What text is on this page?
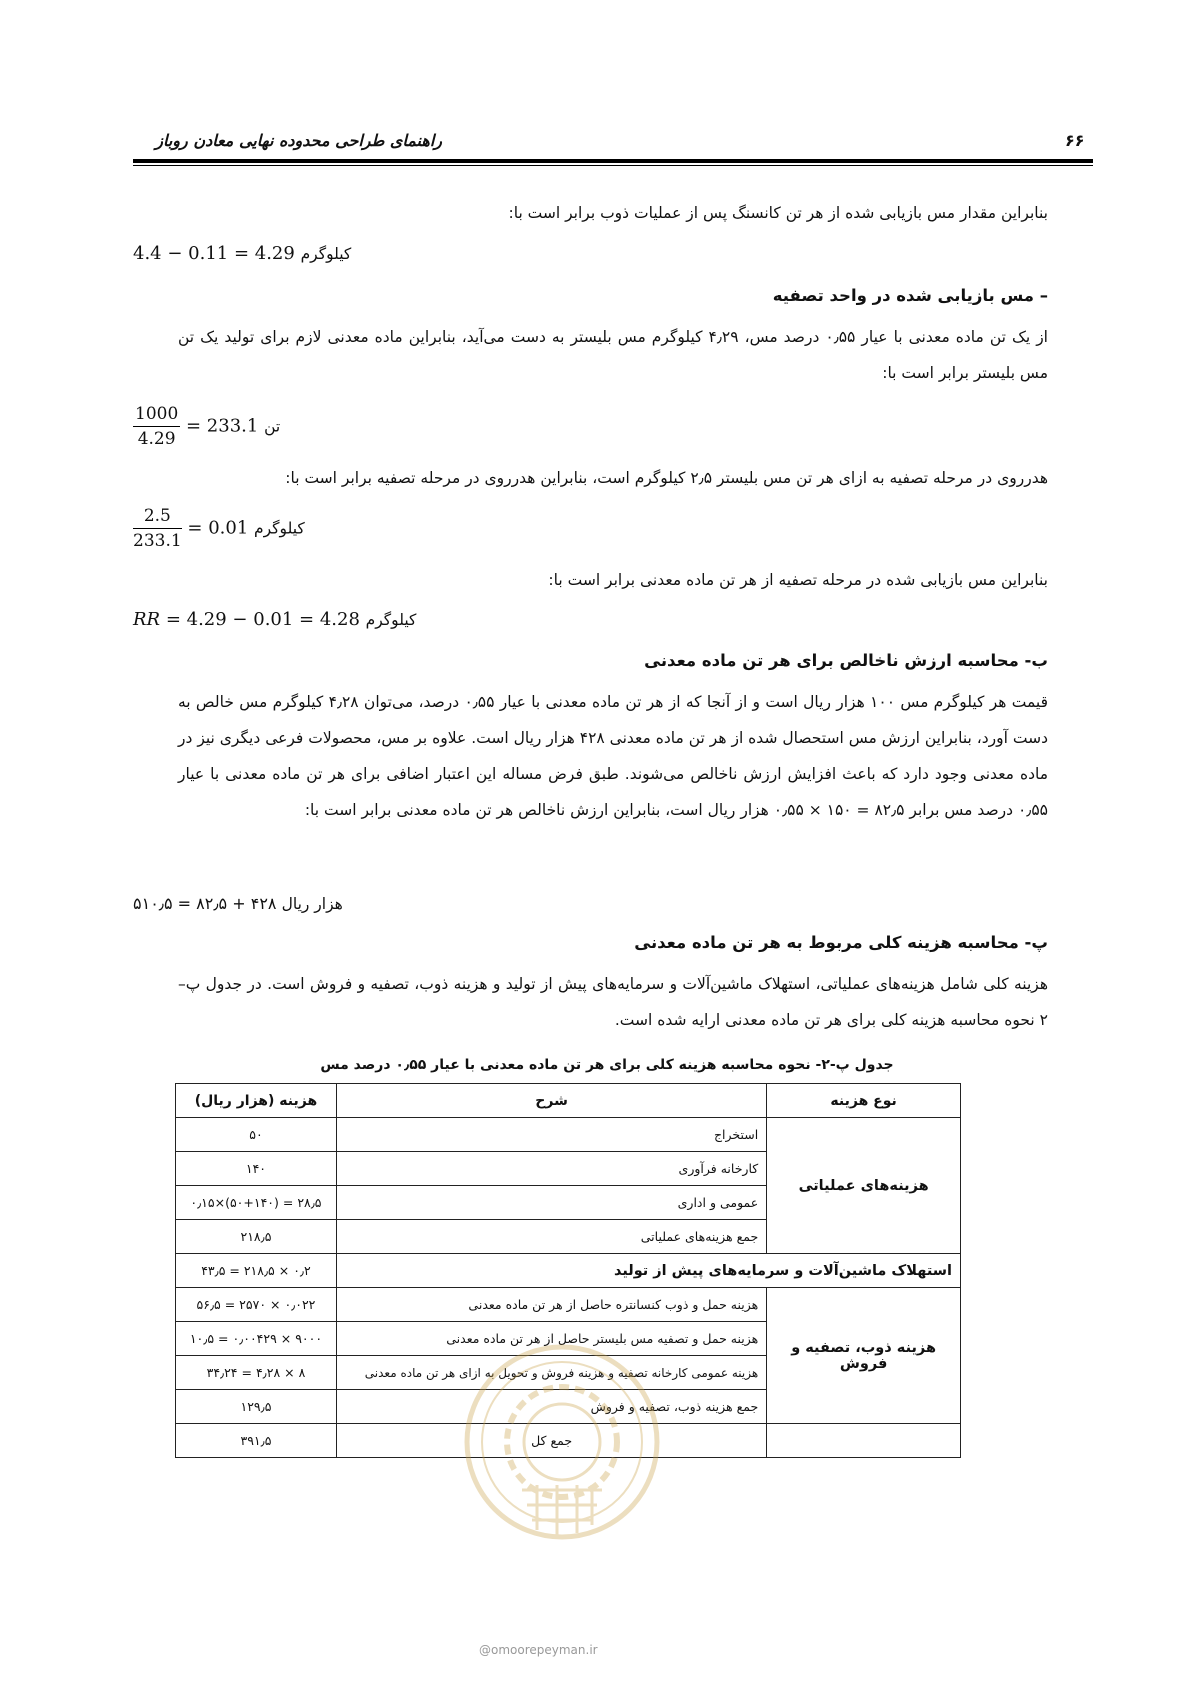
راهنمای طراحی محدوده نهایی معادن روباز	۶۶
بنابراین مقدار مس بازیابی شده از هر تن کانسنگ پس از عملیات ذوب برابر است با:
4.4 − 0.11 = 4.29 کیلوگرم
– مس بازیابی شده در واحد تصفیه
از یک تن ماده معدنی با عیار ۰٫۵۵ درصد مس، ۴٫۲۹ کیلوگرم مس بلیستر به دست می‌آید، بنابراین ماده معدنی لازم برای تولید یک تن مس بلیستر برابر است با:
$\frac{1000}{4.29} = 233.1$ تن
هدرروی در مرحله تصفیه به ازای هر تن مس بلیستر ۲٫۵ کیلوگرم است، بنابراین هدرروی در مرحله تصفیه برابر است با:
$\frac{2.5}{233.1} = 0.01$ کیلوگرم
بنابراین مس بازیابی شده در مرحله تصفیه از هر تن ماده معدنی برابر است با:
RR = 4.29 − 0.01 = 4.28 کیلوگرم
ب- محاسبه ارزش ناخالص برای هر تن ماده معدنی
قیمت هر کیلوگرم مس ۱۰۰ هزار ریال است و از آنجا که از هر تن ماده معدنی با عیار ۰٫۵۵ درصد، می‌توان ۴٫۲۸ کیلوگرم مس خالص به دست آورد، بنابراین ارزش مس استحصال شده از هر تن ماده معدنی ۴۲۸ هزار ریال است. علاوه بر مس، محصولات فرعی دیگری نیز در ماده معدنی وجود دارد که باعث افزایش ارزش ناخالص می‌شوند. طبق فرض مساله این اعتبار اضافی برای هر تن ماده معدنی با عیار ۰٫۵۵ درصد مس برابر ۸۲٫۵ = ۱۵۰ × ۰٫۵۵ هزار ریال است، بنابراین ارزش ناخالص هر تن ماده معدنی برابر است با:
هزار ریال ۴۲۸ + ۸۲٫۵ = ۵۱۰٫۵
پ- محاسبه هزینه کلی مربوط به هر تن ماده معدنی
هزینه کلی شامل هزینه‌های عملیاتی، استهلاک ماشین‌آلات و سرمایه‌های پیش از تولید و هزینه ذوب، تصفیه و فروش است. در جدول پ–۲ نحوه محاسبه هزینه کلی برای هر تن ماده معدنی ارایه شده است.
جدول پ-۲- نحوه محاسبه هزینه کلی برای هر تن ماده معدنی با عیار ۰٫۵۵ درصد مس
نوع هزینه	شرح	هزینه (هزار ریال)
هزینه‌های عملیاتی	استخراج	۵۰
	کارخانه فرآوری	۱۴۰
	عمومی و اداری	۲۸٫۵ = (۵۰+۱۴۰)×۰٫۱۵
	جمع هزینه‌های عملیاتی	۲۱۸٫۵
استهلاک ماشین‌آلات و سرمایه‌های پیش از تولید		۰٫۲ × ۲۱۸٫۵ = ۴۳٫۵
هزینه ذوب، تصفیه و فروش	هزینه حمل و ذوب کنسانتره حاصل از هر تن ماده معدنی	۰٫۰۲۲ × ۲۵۷۰ = ۵۶٫۵
	هزینه حمل و تصفیه مس بلیستر حاصل از هر تن ماده معدنی	۹۰۰۰ × ۰٫۰۰۴۲۹ = ۱۰٫۵
	هزینه عمومی کارخانه تصفیه و هزینه فروش و تحویل به ازای هر تن ماده معدنی	۸ × ۴٫۲۸ = ۳۴٫۲۴
	جمع هزینه ذوب، تصفیه و فروش	۱۲۹٫۵
	جمع کل	۳۹۱٫۵
@omoorepeyman.ir
